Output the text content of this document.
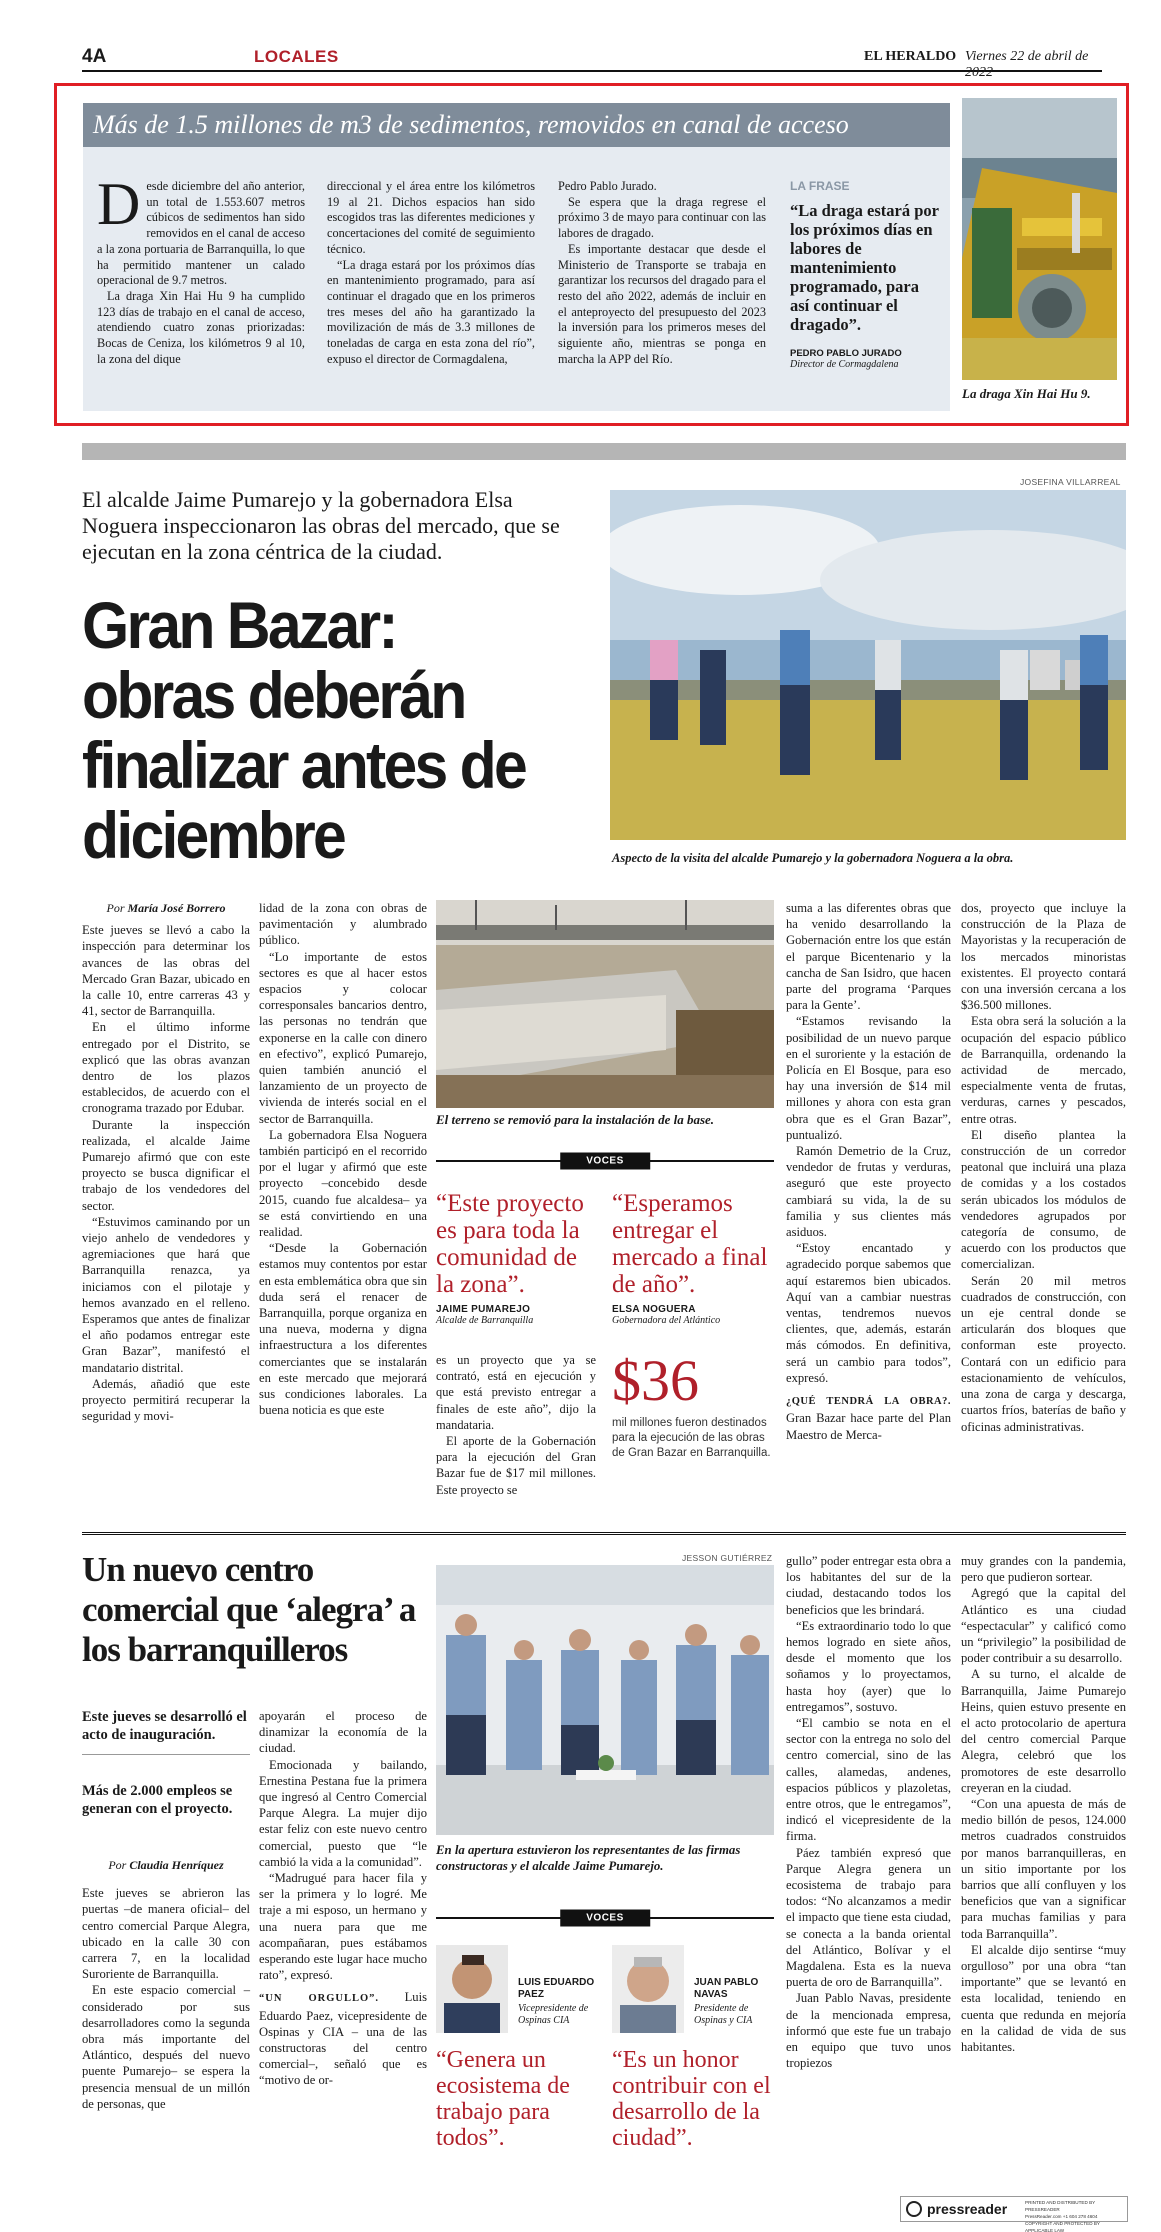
4A	LOCALES	EL HERALDO Viernes 22 de abril de 2022
Más de 1.5 millones de m3 de sedimentos, removidos en canal de acceso
D esde diciembre del año anterior, un total de 1.553.607 metros cúbicos de sedimentos han sido removidos en el canal de acceso a la zona portuaria de Barranquilla, lo que ha permitido mantener un calado operacional de 9.7 metros.

La draga Xin Hai Hu 9 ha cumplido 123 días de trabajo en el canal de acceso, atendiendo cuatro zonas priorizadas: Bocas de Ceniza, los kilómetros 9 al 10, la zona del dique

direccional y el área entre los kilómetros 19 al 21. Dichos espacios han sido escogidos tras las diferentes mediciones y concertaciones del comité de seguimiento técnico.

“La draga estará por los próximos días en mantenimiento programado, para así continuar el dragado que en los primeros tres meses del año ha garantizado la movilización de más de 3.3 millones de toneladas de carga en esta zona del río”, expuso el director de Cormagdalena,

Pedro Pablo Jurado.

Se espera que la draga regrese el próximo 3 de mayo para continuar con las labores de dragado.

Es importante destacar que desde el Ministerio de Transporte se trabaja en garantizar los recursos del dragado para el resto del año 2022, además de incluir en el anteproyecto del presupuesto del 2023 la inversión para los primeros meses del siguiente año, mientras se ponga en marcha la APP del Río.

LA FRASE
“La draga estará por los próximos días en labores de mantenimiento programado, para así continuar el dragado”.
PEDRO PABLO JURADO
Director de Cormagdalena
La draga Xin Hai Hu 9.
El alcalde Jaime Pumarejo y la gobernadora Elsa Noguera inspeccionaron las obras del mercado, que se ejecutan en la zona céntrica de la ciudad.
Gran Bazar: obras deberán finalizar antes de diciembre
JOSEFINA VILLARREAL
Aspecto de la visita del alcalde Pumarejo y la gobernadora Noguera a la obra.
Por María José Borrero

Este jueves se llevó a cabo la inspección para determinar los avances de las obras del Mercado Gran Bazar, ubicado en la calle 10, entre carreras 43 y 41, sector de Barranquilla.

En el último informe entregado por el Distrito, se explicó que las obras avanzan dentro de los plazos establecidos, de acuerdo con el cronograma trazado por Edubar.

Durante la inspección realizada, el alcalde Jaime Pumarejo afirmó que con este proyecto se busca dignificar el trabajo de los vendedores del sector.

“Estuvimos caminando por un viejo anhelo de vendedores y agremiaciones que hará que Barranquilla renazca, ya iniciamos con el pilotaje y hemos avanzado en el relleno. Esperamos que antes de finalizar el año podamos entregar este Gran Bazar”, manifestó el mandatario distrital.

Además, añadió que este proyecto permitirá recuperar la seguridad y movi-

lidad de la zona con obras de pavimentación y alumbrado público.

“Lo importante de estos sectores es que al hacer estos espacios y colocar corresponsales bancarios dentro, las personas no tendrán que exponerse en la calle con dinero en efectivo”, explicó Pumarejo, quien también anunció el lanzamiento de un proyecto de vivienda de interés social en el sector de Barranquilla.

La gobernadora Elsa Noguera también participó en el recorrido por el lugar y afirmó que este proyecto –concebido desde 2015, cuando fue alcaldesa– ya se está convirtiendo en una realidad.

“Desde la Gobernación estamos muy contentos por estar en esta emblemática obra que sin duda será el renacer de Barranquilla, porque organiza en una nueva, moderna y digna infraestructura a los diferentes comerciantes que se instalarán en este mercado que mejorará sus condiciones laborales. La buena noticia es que este

El terreno se removió para la instalación de la base.
VOCES
“Este proyecto es para toda la comunidad de la zona”.
JAIME PUMAREJO
Alcalde de Barranquilla
“Esperamos entregar el mercado a final de año”.
ELSA NOGUERA
Gobernadora del Atlántico

es un proyecto que ya se contrató, está en ejecución y que está previsto entregar a finales de este año”, dijo la mandataria.

El aporte de la Gobernación para la ejecución del Gran Bazar fue de $17 mil millones. Este proyecto se

$36
mil millones fueron destinados para la ejecución de las obras de Gran Bazar en Barranquilla.

suma a las diferentes obras que ha venido desarrollando la Gobernación entre los que están el parque Bicentenario y la cancha de San Isidro, que hacen parte del programa ‘Parques para la Gente’.

“Estamos revisando la posibilidad de un nuevo parque en el suroriente y la estación de Policía en El Bosque, para eso hay una inversión de $14 mil millones y ahora con esta gran obra que es el Gran Bazar”, puntualizó.

Ramón Demetrio de la Cruz, vendedor de frutas y verduras, aseguró que este proyecto cambiará su vida, la de su familia y sus clientes más asiduos.

“Estoy encantado y agradecido porque sabemos que aquí estaremos bien ubicados. Aquí van a cambiar nuestras ventas, tendremos nuevos clientes, que, además, estarán más cómodos. En definitiva, será un cambio para todos”, expresó.

¿QUÉ TENDRÁ LA OBRA?. Gran Bazar hace parte del Plan Maestro de Merca-

dos, proyecto que incluye la construcción de la Plaza de Mayoristas y la recuperación de los mercados minoristas existentes. El proyecto contará con una inversión cercana a los $36.500 millones.

Esta obra será la solución a la ocupación del espacio público de Barranquilla, ordenando la actividad de mercado, especialmente venta de frutas, verduras, carnes y pescados, entre otras.

El diseño plantea la construcción de un corredor peatonal que incluirá una plaza de comidas y a los costados serán ubicados los módulos de vendedores agrupados por categoría de consumo, de acuerdo con los productos que comercializan.

Serán 20 mil metros cuadrados de construcción, con un eje central donde se articularán dos bloques que conforman este proyecto. Contará con un edificio para estacionamiento de vehículos, una zona de carga y descarga, cuartos fríos, baterías de baño y oficinas administrativas.

Un nuevo centro comercial que ‘alegra’ a los barranquilleros
Este jueves se desarrolló el acto de inauguración.
Más de 2.000 empleos se generan con el proyecto.
Por Claudia Henríquez

Este jueves se abrieron las puertas –de manera oficial– del centro comercial Parque Alegra, ubicado en la calle 30 con carrera 7, en la localidad Suroriente de Barranquilla.

En este espacio comercial –considerado por sus desarrolladores como la segunda obra más importante del Atlántico, después del nuevo puente Pumarejo– se espera la presencia mensual de un millón de personas, que

apoyarán el proceso de dinamizar la economía de la ciudad.

Emocionada y bailando, Ernestina Pestana fue la primera que ingresó al Centro Comercial Parque Alegra. La mujer dijo estar feliz con este nuevo centro comercial, puesto que “le cambió la vida a la comunidad”.

“Madrugué para hacer fila y ser la primera y lo logré. Me traje a mi esposo, un hermano y una nuera para que me acompañaran, pues estábamos esperando este lugar hace mucho rato”, expresó.

“UN ORGULLO”. Luis Eduardo Paez, vicepresidente de Ospinas y CIA – una de las constructoras del centro comercial–, señaló que es “motivo de or-

JESSON GUTIÉRREZ
En la apertura estuvieron los representantes de las firmas constructoras y el alcalde Jaime Pumarejo.
VOCES
LUIS EDUARDO PAEZ
Vicepresidente de Ospinas CIA
“Genera un ecosistema de trabajo para todos”.
JUAN PABLO NAVAS
Presidente de Ospinas y CIA
“Es un honor contribuir con el desarrollo de la ciudad”.

gullo” poder entregar esta obra a los habitantes del sur de la ciudad, destacando todos los beneficios que les brindará.

“Es extraordinario todo lo que hemos logrado en siete años, desde el momento que los soñamos y lo proyectamos, hasta hoy (ayer) que lo entregamos”, sostuvo.

“El cambio se nota en el sector con la entrega no solo del centro comercial, sino de las calles, alamedas, andenes, espacios públicos y plazoletas, entre otros, que le entregamos”, indicó el vicepresidente de la firma.

Páez también expresó que Parque Alegra genera un ecosistema de trabajo para todos: “No alcanzamos a medir el impacto que tiene esta ciudad, se conecta a la banda oriental del Atlántico, Bolívar y el Magdalena. Esta es la nueva puerta de oro de Barranquilla”.

Juan Pablo Navas, presidente de la mencionada empresa, informó que este fue un trabajo en equipo que tuvo unos tropiezos

muy grandes con la pandemia, pero que pudieron sortear.

Agregó que la capital del Atlántico es una ciudad “espectacular” y calificó como un “privilegio” la posibilidad de poder contribuir a su desarrollo.

A su turno, el alcalde de Barranquilla, Jaime Pumarejo Heins, quien estuvo presente en el acto protocolario de apertura del centro comercial Parque Alegra, celebró que los promotores de este desarrollo creyeran en la ciudad.

“Con una apuesta de más de medio billón de pesos, 124.000 metros cuadrados construidos por manos barranquilleras, en un sitio importante por los barrios que allí confluyen y los beneficios que van a significar para muchas familias y para toda Barranquilla”.

El alcalde dijo sentirse “muy orgulloso” por una obra “tan importante” que se levantó en esta localidad, teniendo en cuenta que redunda en mejoría en la calidad de vida de sus habitantes.

pressreader	PRINTED AND DISTRIBUTED BY PRESSREADER
PressReader.com +1 604 278 4604
COPYRIGHT AND PROTECTED BY APPLICABLE LAW
